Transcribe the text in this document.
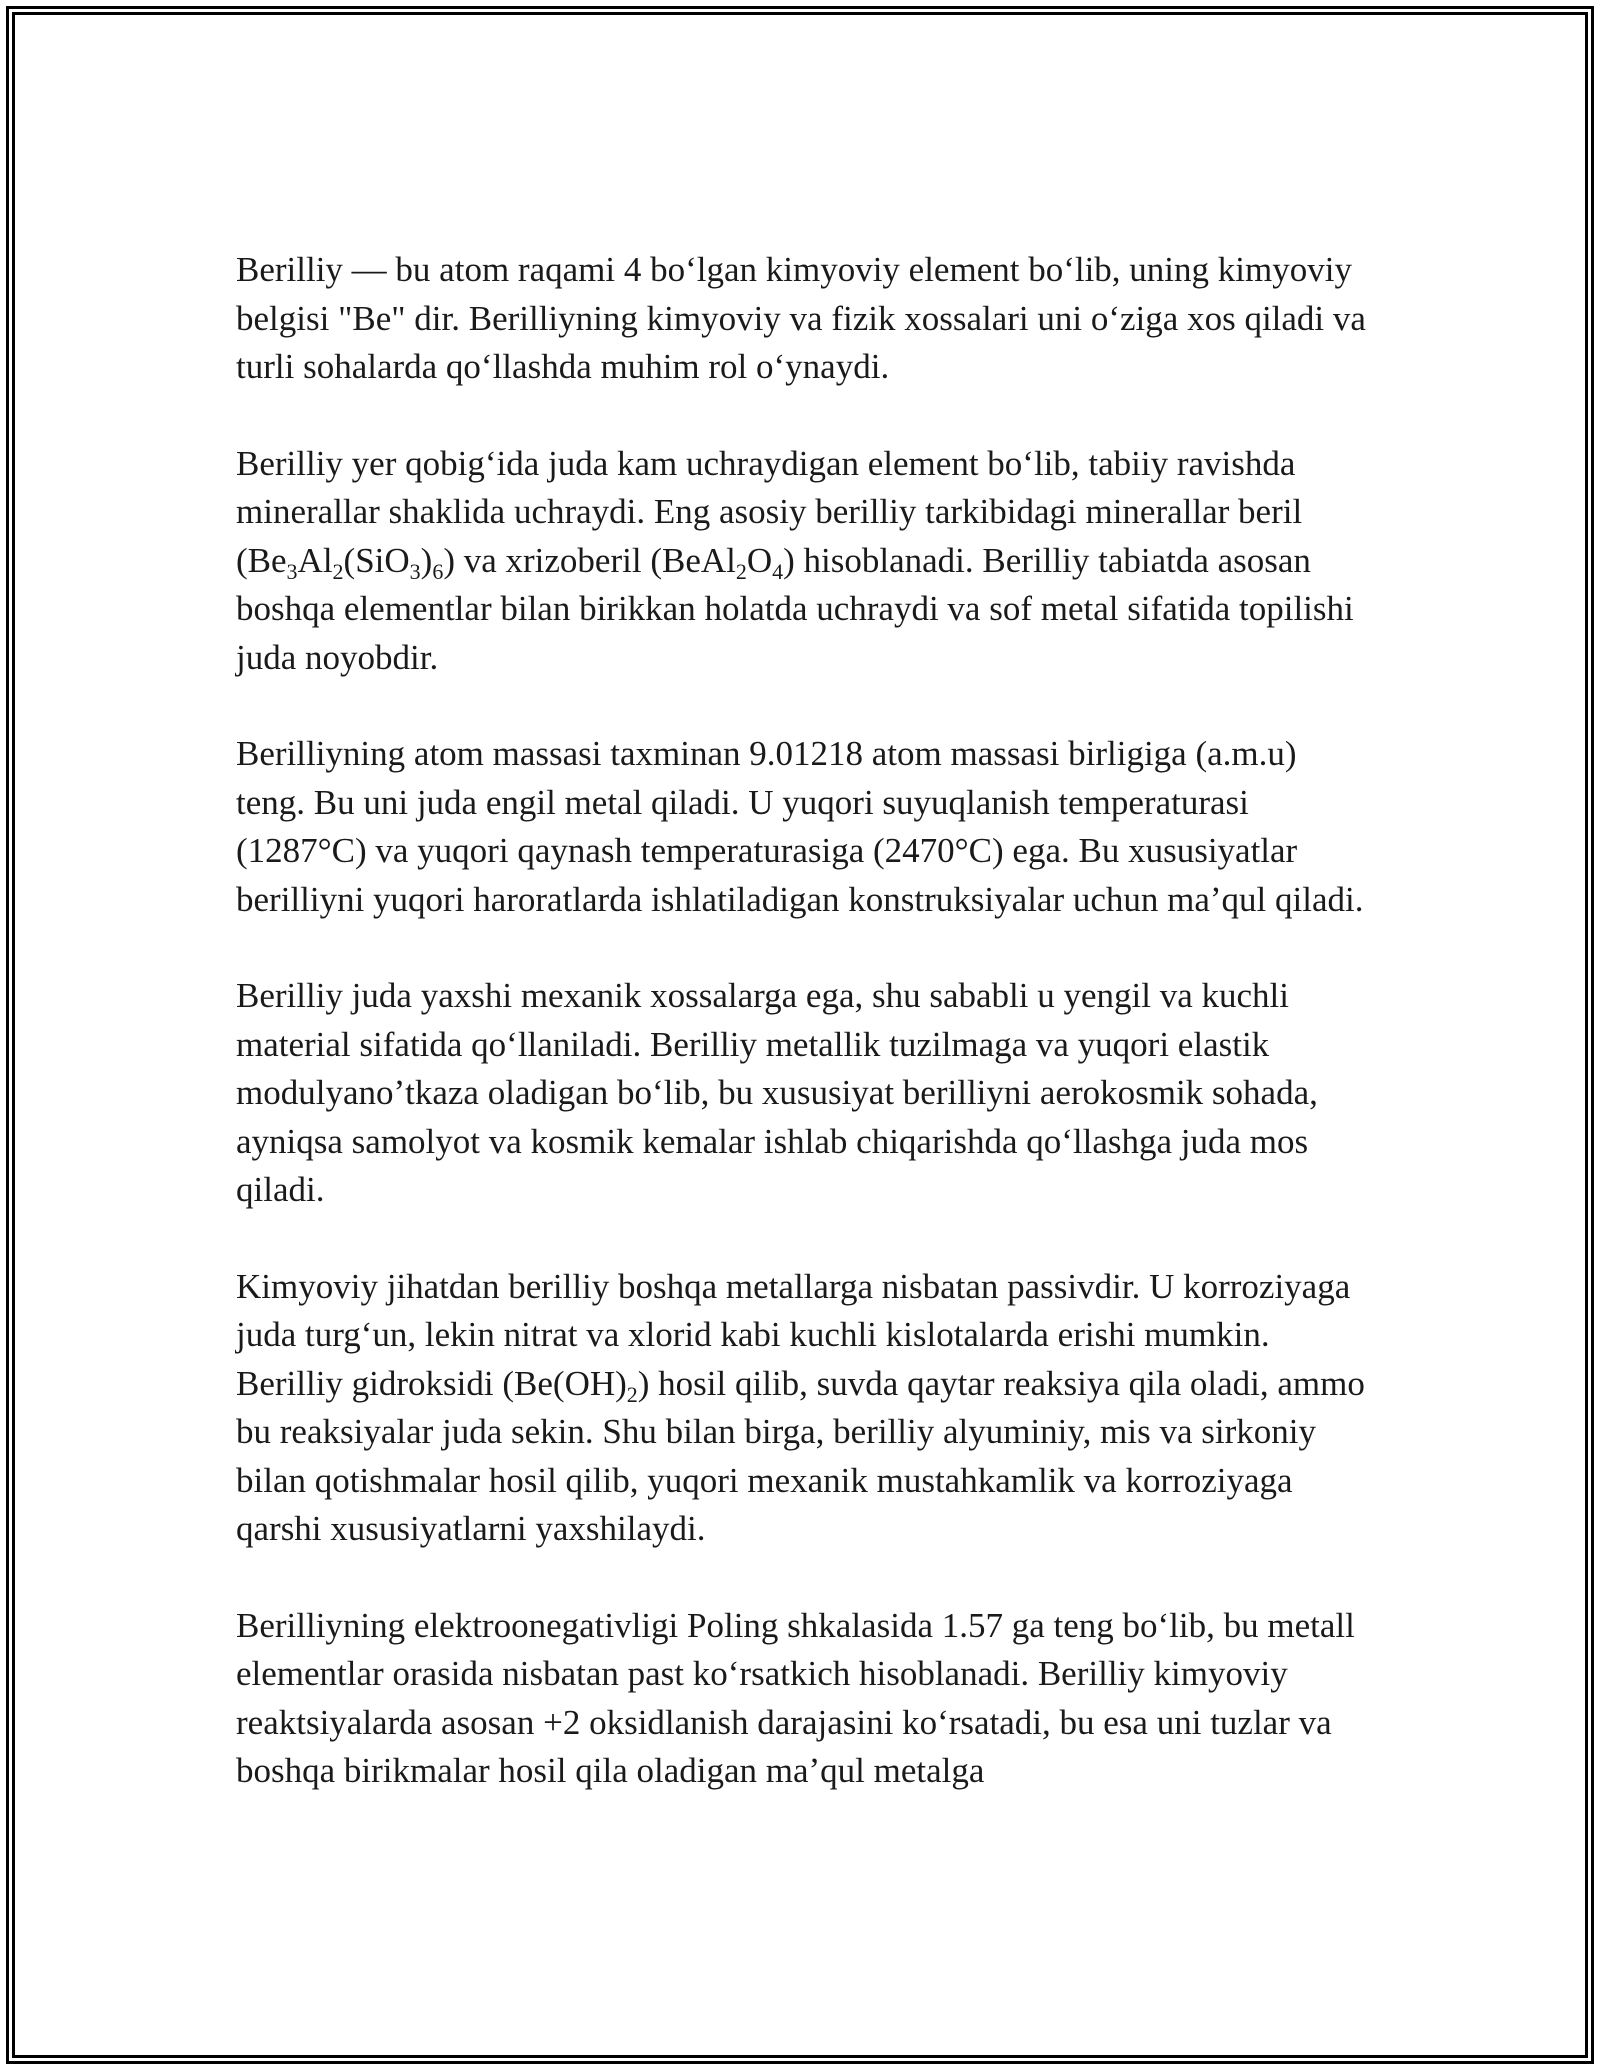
Berilliy — bu atom raqami 4 boʻlgan kimyoviy element boʻlib, uning kimyoviy belgisi "Be" dir. Berilliyning kimyoviy va fizik xossalari uni oʻziga xos qiladi va turli sohalarda qoʻllashda muhim rol oʻynaydi.

Berilliy yer qobigʻida juda kam uchraydigan element boʻlib, tabiiy ravishda minerallar shaklida uchraydi. Eng asosiy berilliy tarkibidagi minerallar beril $(Be_3Al_2(SiO_3)_6)$ va xrizoberil $(BeAl_2O_4)$ hisoblanadi. Berilliy tabiatda asosan boshqa elementlar bilan birikkan holatda uchraydi va sof metal sifatida topilishi juda noyobdir.

Berilliyning atom massasi taxminan 9.01218 atom massasi birligiga (a.m.u) teng. Bu uni juda engil metal qiladi. U yuqori suyuqlanish temperaturasi (1287°C) va yuqori qaynash temperaturasiga (2470°C) ega. Bu xususiyatlar berilliyni yuqori haroratlarda ishlatiladigan konstruksiyalar uchun maʼqul qiladi.

Berilliy juda yaxshi mexanik xossalarga ega, shu sababli u yengil va kuchli material sifatida qoʻllaniladi. Berilliy metallik tuzilmaga va yuqori elastik modulyanoʼtkaza oladigan boʻlib, bu xususiyat berilliyni aerokosmik sohada, ayniqsa samolyot va kosmik kemalar ishlab chiqarishda qoʻllashga juda mos qiladi.

Kimyoviy jihatdan berilliy boshqa metallarga nisbatan passivdir. U korroziyaga juda turgʻun, lekin nitrat va xlorid kabi kuchli kislotalarda erishi mumkin. Berilliy gidroksidi $(Be(OH)_2)$ hosil qilib, suvda qaytar reaksiya qila oladi, ammo bu reaksiyalar juda sekin. Shu bilan birga, berilliy alyuminiy, mis va sirkoniy bilan qotishmalar hosil qilib, yuqori mexanik mustahkamlik va korroziyaga qarshi xususiyatlarni yaxshilaydi.

Berilliyning elektroonegativligi Poling shkalasida 1.57 ga teng boʻlib, bu metall elementlar orasida nisbatan past koʻrsatkich hisoblanadi. Berilliy kimyoviy reaktsiyalarda asosan +2 oksidlanish darajasini koʻrsatadi, bu esa uni tuzlar va boshqa birikmalar hosil qila oladigan maʼqul metalga
